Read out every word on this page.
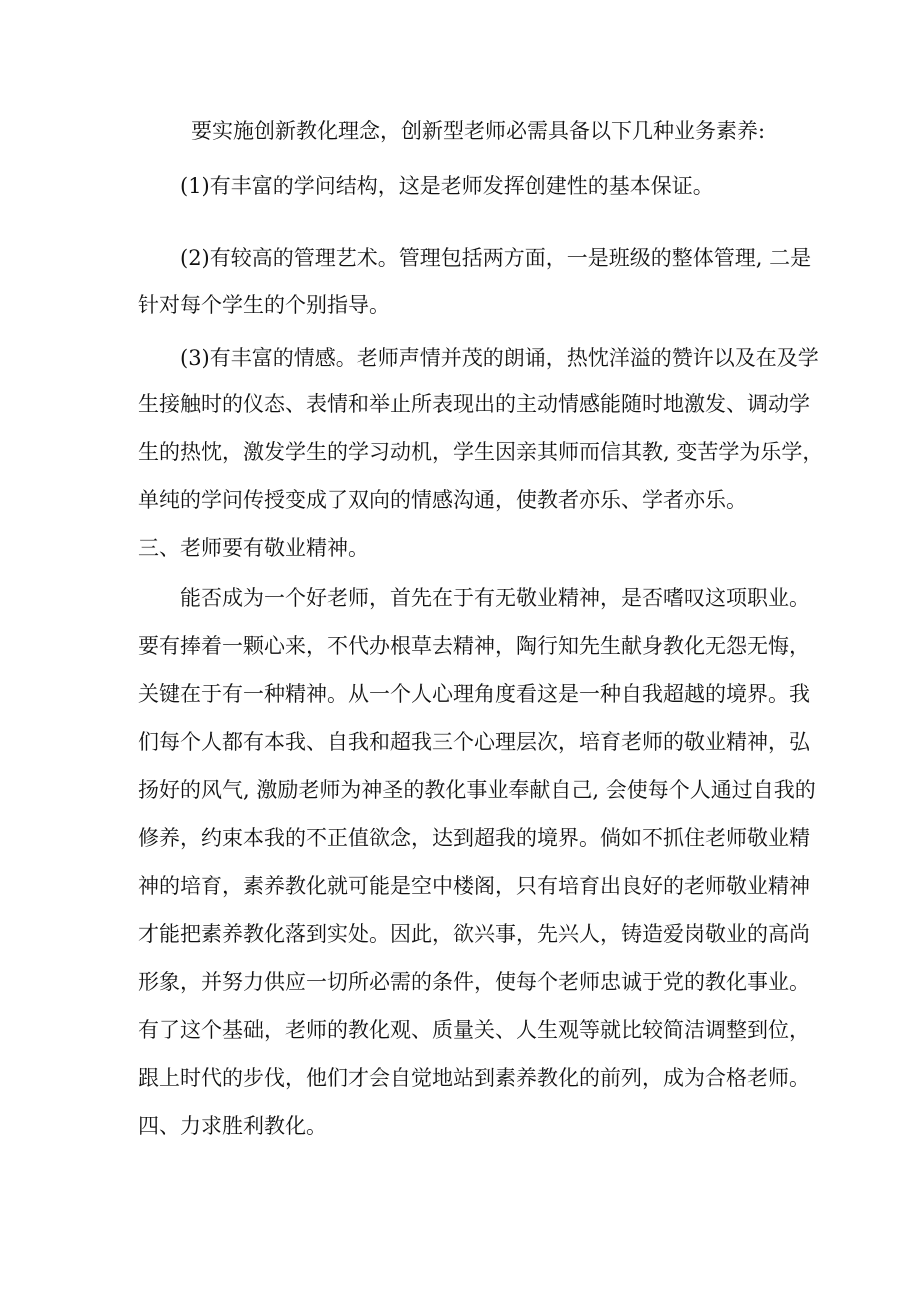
要实施创新教化理念，创新型老师必需具备以下几种业务素养:
(1)有丰富的学问结构，这是老师发挥创建性的基本保证。
(2)有较高的管理艺术。管理包括两方面，一是班级的整体管理, 二是
针对每个学生的个别指导。
(3)有丰富的情感。老师声情并茂的朗诵，热忱洋溢的赞许以及在及学
生接触时的仪态、表情和举止所表现出的主动情感能随时地激发、调动学
生的热忱，激发学生的学习动机，学生因亲其师而信其教, 变苦学为乐学，
单纯的学问传授变成了双向的情感沟通，使教者亦乐、学者亦乐。
三、老师要有敬业精神。
能否成为一个好老师，首先在于有无敬业精神，是否嗜叹这项职业。
要有捧着一颗心来，不代办根草去精神，陶行知先生献身教化无怨无悔，
关键在于有一种精神。从一个人心理角度看这是一种自我超越的境界。我
们每个人都有本我、自我和超我三个心理层次，培育老师的敬业精神，弘
扬好的风气, 激励老师为神圣的教化事业奉献自己, 会使每个人通过自我的
修养，约束本我的不正值欲念，达到超我的境界。倘如不抓住老师敬业精
神的培育，素养教化就可能是空中楼阁，只有培育出良好的老师敬业精神
才能把素养教化落到实处。因此，欲兴事，先兴人，铸造爱岗敬业的高尚
形象，并努力供应一切所必需的条件，使每个老师忠诚于党的教化事业。
有了这个基础，老师的教化观、质量关、人生观等就比较简洁调整到位，
跟上时代的步伐，他们才会自觉地站到素养教化的前列，成为合格老师。
四、力求胜利教化。
